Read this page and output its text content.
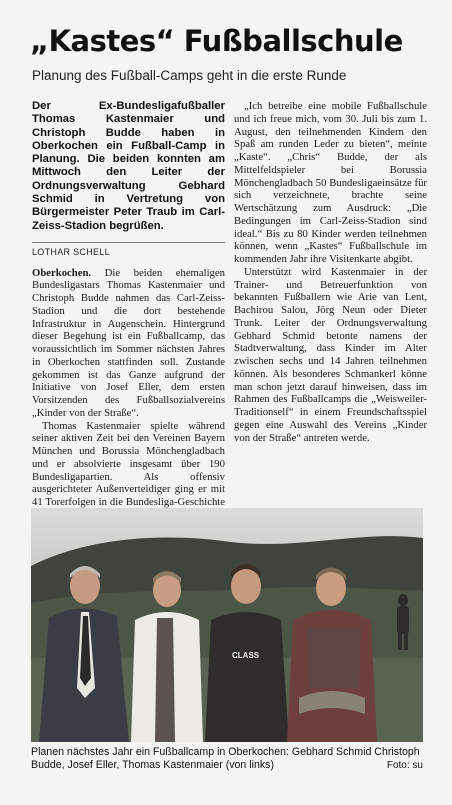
„Kastes“ Fußballschule

Planung des Fußball-Camps geht in die erste Runde

Der Ex-Bundesligafußballer Thomas Kastenmaier und Christoph Budde haben in Oberkochen ein Fußball-Camp in Planung. Die beiden konnten am Mittwoch den Leiter der Ordnungsverwaltung Gebhard Schmid in Vertretung von Bürgermeister Peter Traub im Carl-Zeiss-Stadion begrüßen.

LOTHAR SCHELL

Oberkochen. Die beiden ehemaligen Bundesligastars Thomas Kastenmaier und Christoph Budde nahmen das Carl-Zeiss-Stadion und die dort bestehende Infrastruktur in Augenschein. Hintergrund dieser Begehung ist ein Fußballcamp, das voraussichtlich im Sommer nächsten Jahres in Oberkochen stattfinden soll. Zustande gekommen ist das Ganze aufgrund der Initiative von Josef Eller, dem ersten Vorsitzenden des Fußballsozialvereins „Kinder von der Straße“.

Thomas Kastenmaier spielte während seiner aktiven Zeit bei den Vereinen Bayern München und Borussia Mönchengladbach und er absolvierte insgesamt über 190 Bundesligapartien. Als offensiv ausgerichteter Außenverteidiger ging er mit 41 Torerfolgen in die Bundesliga-Geschichte

„Ich betreibe eine mobile Fußballschule und ich freue mich, vom 30. Juli bis zum 1. August, den teilnehmenden Kindern den Spaß am runden Leder zu bieten“, meinte „Kaste“. „Chris“ Budde, der als Mittelfeldspieler bei Borussia Mönchengladbach 50 Bundesligaeinsätze für sich verzeichnete, brachte seine Wertschätzung zum Ausdruck: „Die Bedingungen im Carl-Zeiss-Stadion sind ideal.“ Bis zu 80 Kinder werden teilnehmen können, wenn „Kastes“ Fußballschule im kommenden Jahr ihre Visitenkarte abgibt.

Unterstützt wird Kastenmaier in der Trainer- und Betreuerfunktion von bekannten Fußballern wie Arie van Lent, Bachirou Salou, Jörg Neun oder Dieter Trunk. Leiter der Ordnungsverwaltung Gebhard Schmid betonte namens der Stadtverwaltung, dass Kinder im Alter zwischen sechs und 14 Jahren teilnehmen können. Als besonderes Schmankerl könne man schon jetzt darauf hinweisen, dass im Rahmen des Fußballcamps die „Weisweiler-Traditionself“ in einem Freundschaftsspiel gegen eine Auswahl des Vereins „Kinder von der Straße“ antreten werde.

CLASS

Planen nächstes Jahr ein Fußballcamp in Oberkochen: Gebhard Schmid Christoph Budde, Josef Eller, Thomas Kastenmaier (von links)	Foto: su
